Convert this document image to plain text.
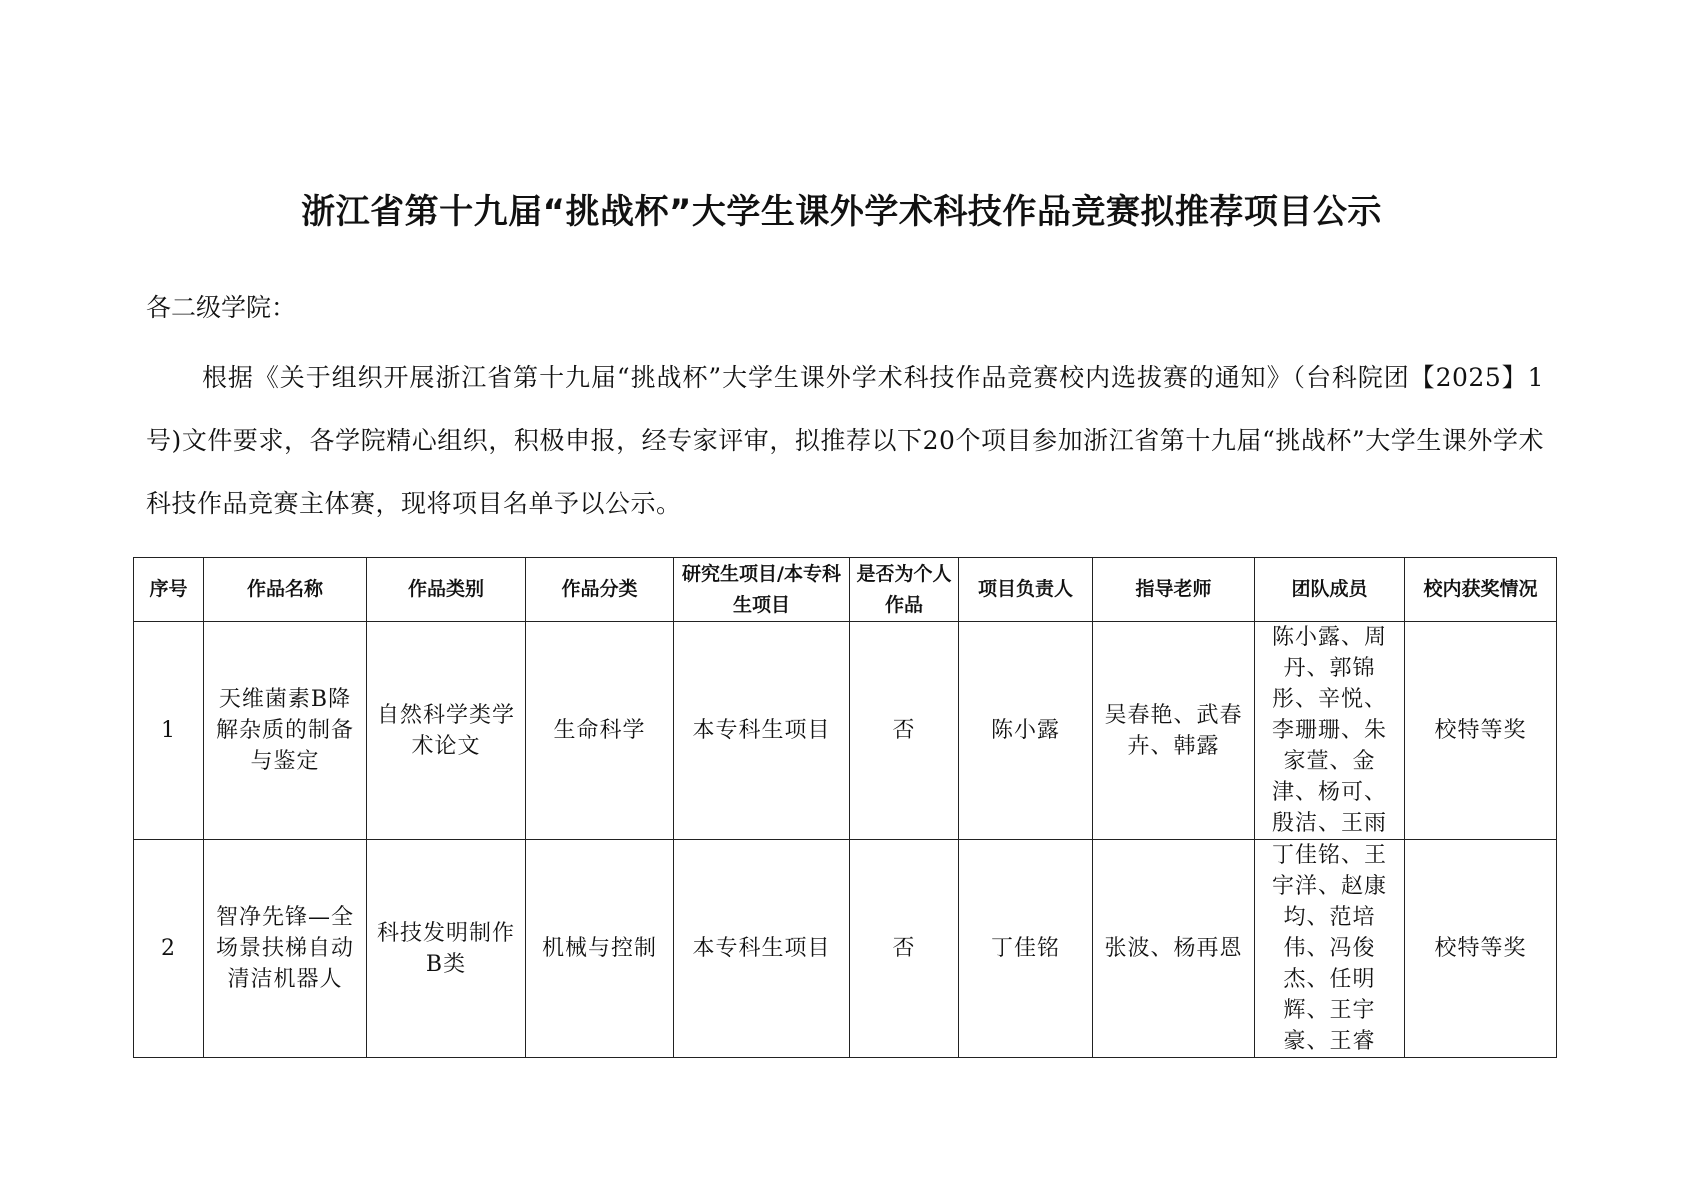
浙江省第十九届“挑战杯”大学生课外学术科技作品竞赛拟推荐项目公示

各二级学院：

根据《关于组织开展浙江省第十九届“挑战杯”大学生课外学术科技作品竞赛校内选拔赛的通知》（台科院团【2025】1号)文件要求，各学院精心组织，积极申报，经专家评审，拟推荐以下20个项目参加浙江省第十九届“挑战杯”大学生课外学术科技作品竞赛主体赛，现将项目名单予以公示。

序号	作品名称	作品类别	作品分类	研究生项目/本专科生项目	是否为个人作品	项目负责人	指导老师	团队成员	校内获奖情况
1	天维菌素B降解杂质的制备与鉴定	自然科学类学术论文	生命科学	本专科生项目	否	陈小露	吴春艳、武春卉、韩露	陈小露、周丹、郭锦彤、辛悦、李珊珊、朱家萱、金津、杨可、殷洁、王雨	校特等奖
2	智净先锋—全场景扶梯自动清洁机器人	科技发明制作B类	机械与控制	本专科生项目	否	丁佳铭	张波、杨再恩	丁佳铭、王宇洋、赵康均、范培伟、冯俊杰、任明辉、王宇豪、王睿	校特等奖
